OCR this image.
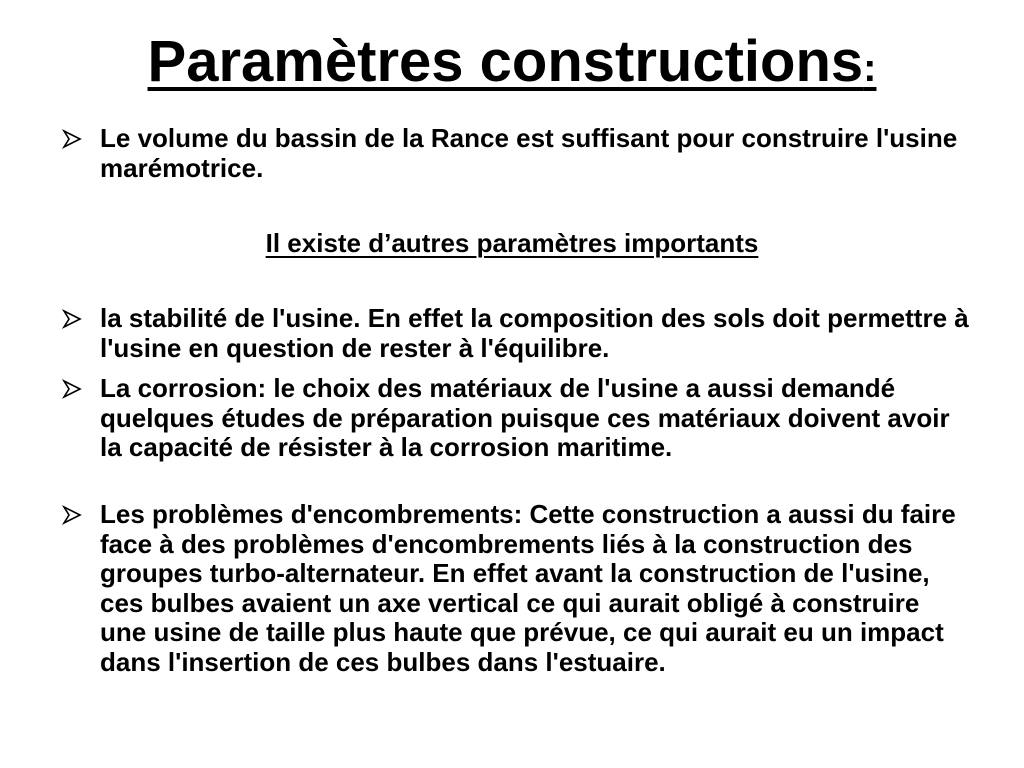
Paramètres constructions:
Le volume du bassin de la Rance est suffisant pour construire l'usine marémotrice.
Il existe d’autres paramètres importants
la stabilité de l'usine. En effet la composition des sols doit permettre à l'usine en question de rester à l'équilibre.
La corrosion: le choix des matériaux de l'usine a aussi demandé quelques études de préparation puisque ces matériaux doivent avoir la capacité de résister à la corrosion maritime.
Les problèmes d'encombrements: Cette construction a aussi du faire face à des problèmes d'encombrements liés à la construction des groupes turbo-alternateur. En effet avant la construction de l'usine, ces bulbes avaient un axe vertical ce qui aurait obligé à construire une usine de taille plus haute que prévue, ce qui aurait eu un impact dans l'insertion de ces bulbes dans l'estuaire.
